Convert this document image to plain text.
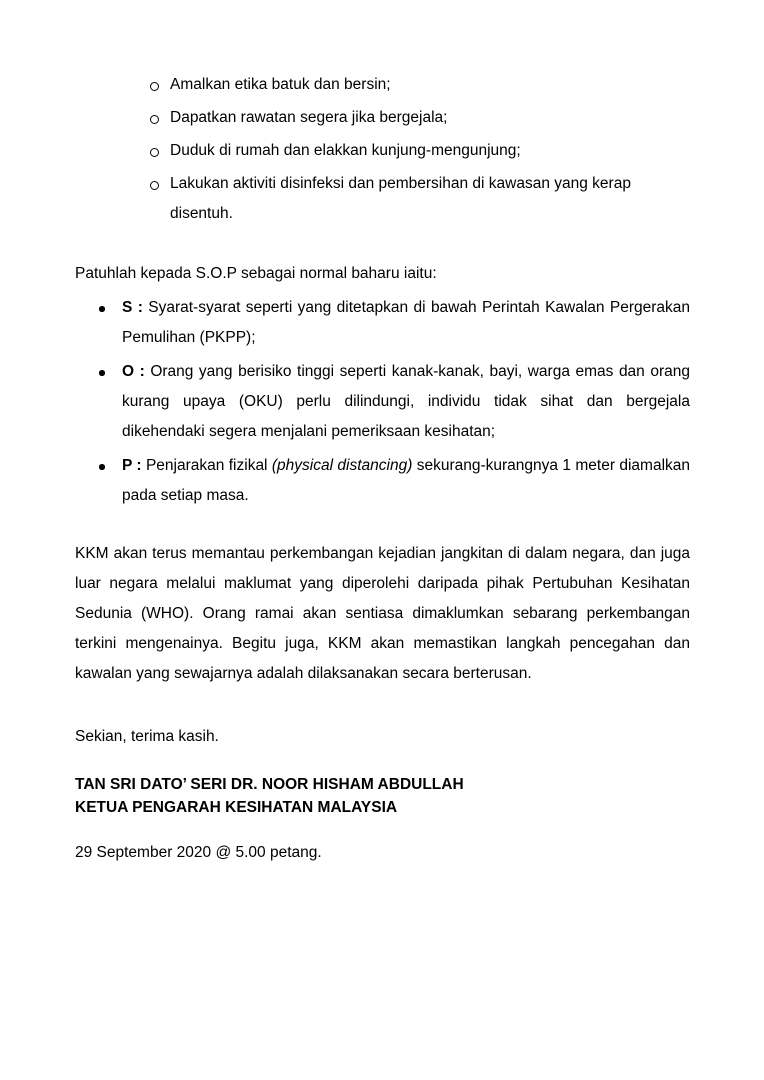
Amalkan etika batuk dan bersin;
Dapatkan rawatan segera jika bergejala;
Duduk di rumah dan elakkan kunjung-mengunjung;
Lakukan aktiviti disinfeksi dan pembersihan di kawasan yang kerap disentuh.

Patuhlah kepada S.O.P sebagai normal baharu iaitu:

S : Syarat-syarat seperti yang ditetapkan di bawah Perintah Kawalan Pergerakan Pemulihan (PKPP);
O : Orang yang berisiko tinggi seperti kanak-kanak, bayi, warga emas dan orang kurang upaya (OKU) perlu dilindungi, individu tidak sihat dan bergejala dikehendaki segera menjalani pemeriksaan kesihatan;
P : Penjarakan fizikal (physical distancing) sekurang-kurangnya 1 meter diamalkan pada setiap masa.

KKM akan terus memantau perkembangan kejadian jangkitan di dalam negara, dan juga luar negara melalui maklumat yang diperolehi daripada pihak Pertubuhan Kesihatan Sedunia (WHO). Orang ramai akan sentiasa dimaklumkan sebarang perkembangan terkini mengenainya. Begitu juga, KKM akan memastikan langkah pencegahan dan kawalan yang sewajarnya adalah dilaksanakan secara berterusan.

Sekian, terima kasih.

TAN SRI DATO’ SERI DR. NOOR HISHAM ABDULLAH
KETUA PENGARAH KESIHATAN MALAYSIA

29 September 2020 @ 5.00 petang.
